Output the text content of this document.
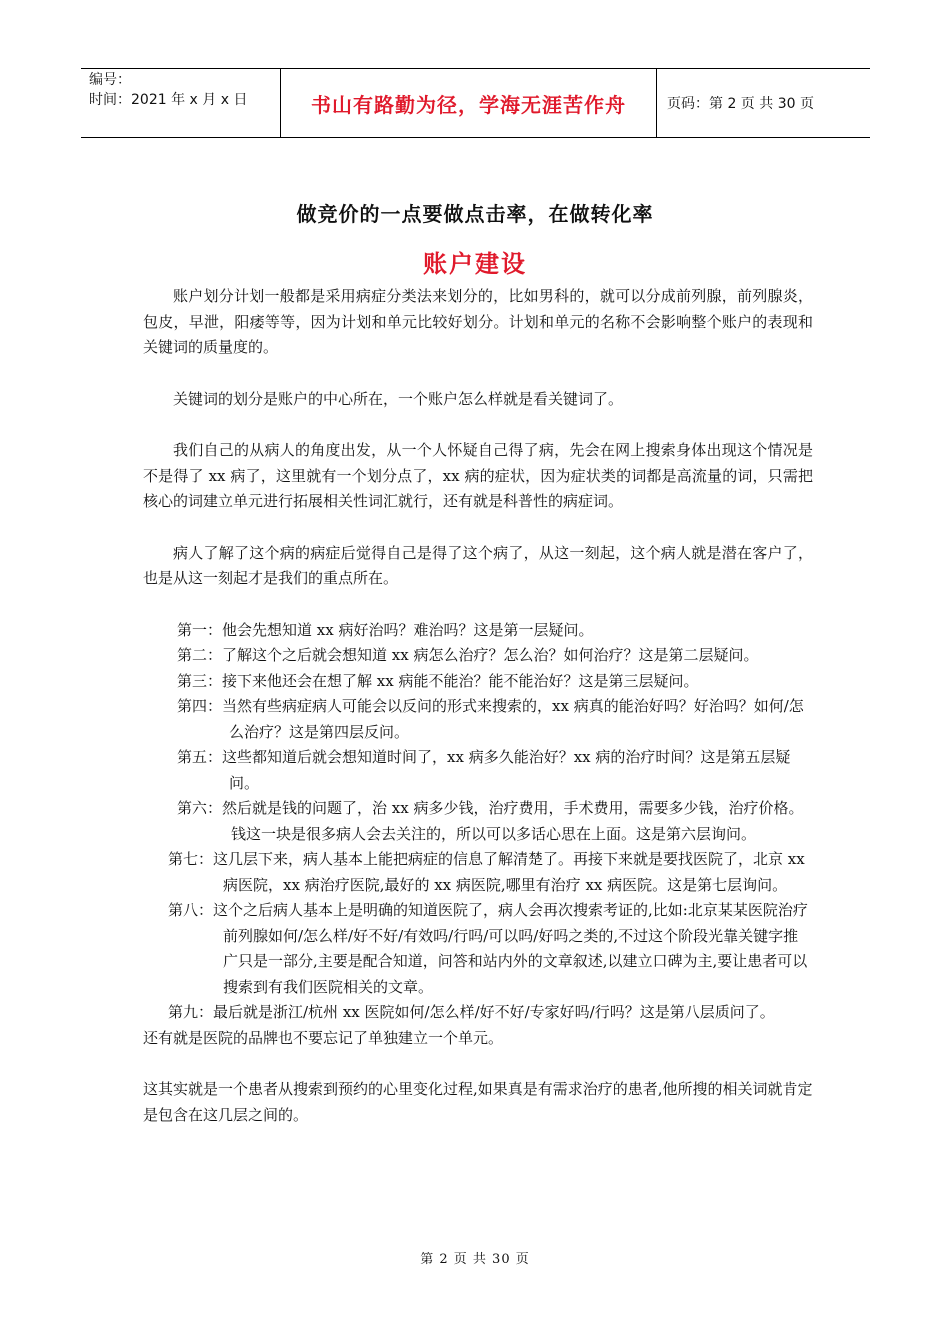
编号：
时间：2021 年 x 月 x 日	书山有路勤为径，学海无涯苦作舟	页码：第 2 页 共 30 页
做竞价的一点要做点击率，在做转化率
账户建设

账户划分计划一般都是采用病症分类法来划分的，比如男科的，就可以分成前列腺，前列腺炎，包皮，早泄，阳痿等等，因为计划和单元比较好划分。计划和单元的名称不会影响整个账户的表现和关键词的质量度的。

关键词的划分是账户的中心所在，一个账户怎么样就是看关键词了。

我们自己的从病人的角度出发，从一个人怀疑自己得了病，先会在网上搜索身体出现这个情况是不是得了 xx 病了，这里就有一个划分点了，xx 病的症状，因为症状类的词都是高流量的词，只需把核心的词建立单元进行拓展相关性词汇就行，还有就是科普性的病症词。

病人了解了这个病的病症后觉得自己是得了这个病了，从这一刻起，这个病人就是潜在客户了，也是从这一刻起才是我们的重点所在。

第一：他会先想知道 xx 病好治吗？难治吗？这是第一层疑问。
第二：了解这个之后就会想知道 xx 病怎么治疗？怎么治？如何治疗？这是第二层疑问。
第三：接下来他还会在想了解 xx 病能不能治？能不能治好？这是第三层疑问。
第四：当然有些病症病人可能会以反问的形式来搜索的，xx 病真的能治好吗？好治吗？如何/怎么治疗？这是第四层反问。
第五：这些都知道后就会想知道时间了，xx 病多久能治好？xx 病的治疗时间？这是第五层疑问。
第六：然后就是钱的问题了，治 xx 病多少钱，治疗费用，手术费用，需要多少钱，治疗价格。钱这一块是很多病人会去关注的，所以可以多话心思在上面。这是第六层询问。
第七：这几层下来，病人基本上能把病症的信息了解清楚了。再接下来就是要找医院了，北京 xx 病医院，xx 病治疗医院,最好的 xx 病医院,哪里有治疗 xx 病医院。这是第七层询问。
第八：这个之后病人基本上是明确的知道医院了，病人会再次搜索考证的,比如:北京某某医院治疗前列腺如何/怎么样/好不好/有效吗/行吗/可以吗/好吗之类的,不过这个阶段光靠关键字推广只是一部分,主要是配合知道，问答和站内外的文章叙述,以建立口碑为主,要让患者可以搜索到有我们医院相关的文章。
第九：最后就是浙江/杭州 xx 医院如何/怎么样/好不好/专家好吗/行吗？这是第八层质问了。

还有就是医院的品牌也不要忘记了单独建立一个单元。

这其实就是一个患者从搜索到预约的心里变化过程,如果真是有需求治疗的患者,他所搜的相关词就肯定是包含在这几层之间的。

第 2 页 共 30 页
